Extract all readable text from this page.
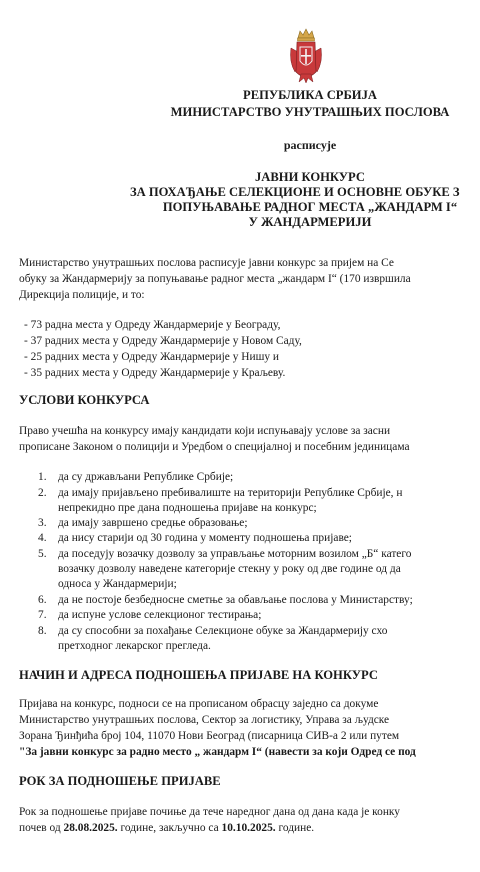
РЕПУБЛИКА СРБИЈА
МИНИСТАРСТВО УНУТРАШЊИХ ПОСЛОВА
расписује
ЈАВНИ КОНКУРС
ЗА ПОХАЂАЊЕ СЕЛЕКЦИОНЕ И ОСНОВНЕ ОБУКЕ З
ПОПУЊАВАЊЕ РАДНОГ МЕСТА „ЖАНДАРМ I“
У ЖАНДАРМЕРИЈИ
Министарство унутрашњих послова расписује јавни конкурс за пријем на Се
обуку за Жандармерију за попуњавање радног места „жандарм I“ (170 извршила
Дирекција полиције, и то:
- 73 радна места у Одреду Жандармерије у Београду,
- 37 радних места у Одреду Жандармерије у Новом Саду,
- 25 радних места у Одреду Жандармерије у Нишу и
- 35 радних места у Одреду Жандармерије у Краљеву.
УСЛОВИ КОНКУРСА
Право учешћа на конкурсу имају кандидати који испуњавају услове за засни
прописане Законом о полицији и Уредбом о специјалној и посебним јединицама
1.	да су држављани Републике Србије;
2.	да имају пријављено пребивалиште на територији Републике Србије, н
непрекидно пре дана подношења пријаве на конкурс;
3.	да имају завршено средње образовање;
4.	да нису старији од 30 година у моменту подношења пријаве;
5.	да поседују возачку дозволу за управљање моторним возилом „Б“ катего
возачку дозволу наведене категорије стекну у року од две године од да
односа у Жандармерији;
6.	да не постоје безбедносне сметње за обављање послова у Министарству;
7.	да испуне услове селекционог тестирања;
8.	да су способни за похађање Селекционе обуке за Жандармерију схо
претходног лекарског прегледа.
НАЧИН И АДРЕСА ПОДНОШЕЊА ПРИЈАВЕ НА КОНКУРС
Пријава на конкурс, подноси се на прописаном обрасцу заједно са докуме
Министарство унутрашњих послова, Сектор за логистику, Управа за људске
Зорана Ђинђића број 104, 11070 Нови Београд (писарница СИВ-а 2 или путем
"За јавни конкурс за радно место „ жандарм I“ (навести за који Одред се под
РОК ЗА ПОДНОШЕЊЕ ПРИЈАВЕ
Рок за подношење пријаве почиње да тече наредног дана од дана када је конку
почев од 28.08.2025. године, закључно са 10.10.2025. године.
